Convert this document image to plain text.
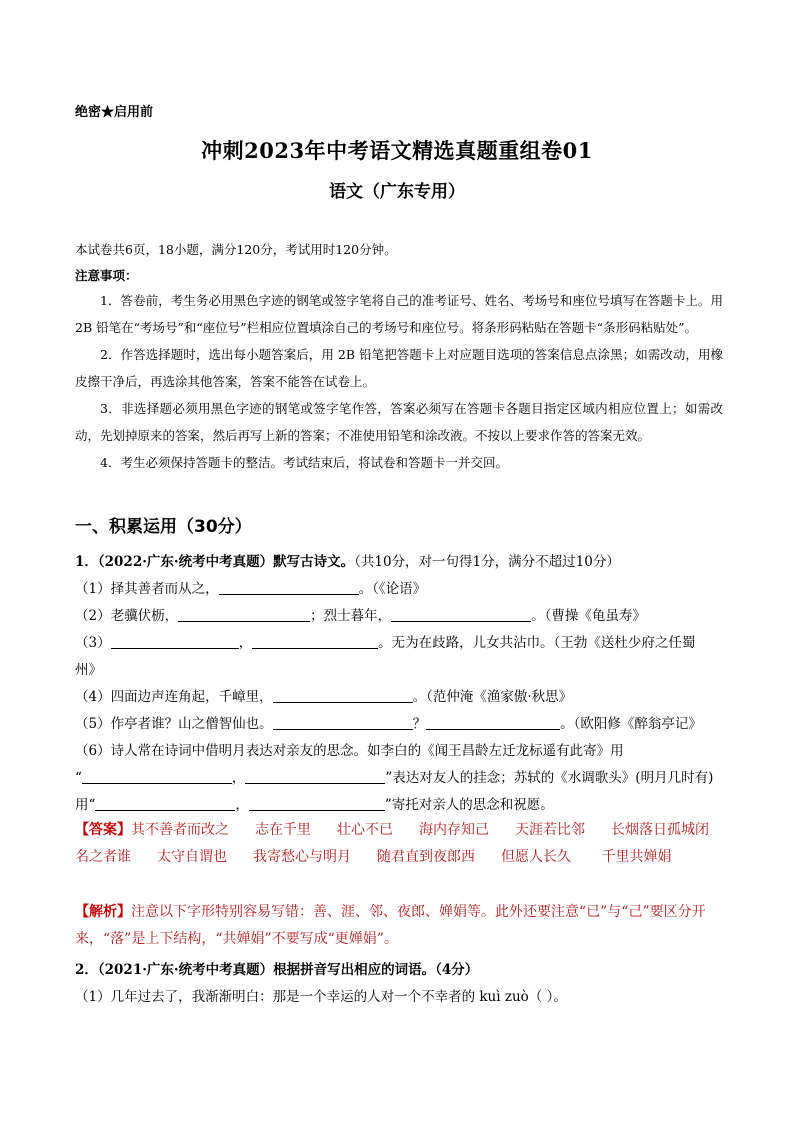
绝密★启用前
冲刺2023年中考语文精选真题重组卷01
语文（广东专用）
本试卷共6页，18小题，满分120分，考试用时120分钟。
注意事项：

1．答卷前，考生务必用黑色字迹的钢笔或签字笔将自己的准考证号、姓名、考场号和座位号填写在答题卡上。用 2B 铅笔在“考场号”和“座位号”栏相应位置填涂自己的考场号和座位号。将条形码粘贴在答题卡“条形码粘贴处”。

2．作答选择题时，选出每小题答案后，用 2B 铅笔把答题卡上对应题目选项的答案信息点涂黑；如需改动，用橡皮擦干净后，再选涂其他答案，答案不能答在试卷上。

3．非选择题必须用黑色字迹的钢笔或签字笔作答，答案必须写在答题卡各题目指定区域内相应位置上；如需改动，先划掉原来的答案，然后再写上新的答案；不准使用铅笔和涂改液。不按以上要求作答的答案无效。

4．考生必须保持答题卡的整洁。考试结束后，将试卷和答题卡一并交回。

一、积累运用（30分）
1．（2022·广东·统考中考真题）默写古诗文。（共10分，对一句得1分，满分不超过10分）
（1）择其善者而从之，	。（《论语》
（2）老骥伏枥，	；烈士暮年，	。（曹操《龟虽寿》
（3）	，	。无为在歧路，儿女共沾巾。（王勃《送杜少府之任蜀
州》
（4）四面边声连角起，千嶂里，	。（范仲淹《渔家傲·秋思》
（5）作亭者谁？山之僧智仙也。	？	。（欧阳修《醉翁亭记》
（6）诗人常在诗词中借明月表达对亲友的思念。如李白的《闻王昌龄左迁龙标遥有此寄》用
“	，	”表达对友人的挂念；苏轼的《水调歌头》(明月几时有)
用“	，	”寄托对亲人的思念和祝愿。
【答案】其不善者而改之 志在千里 壮心不已 海内存知己 天涯若比邻 长烟落日孤城闭 名之者谁 太守自谓也 我寄愁心与明月 随君直到夜郎西 但愿人长久 千里共婵娟
【解析】注意以下字形特别容易写错：善、涯、邻、夜郎、婵娟等。此外还要注意“已”与“己”要区分开来，“落”是上下结构，“共婵娟”不要写成“更婵娟”。
2．（2021·广东·统考中考真题）根据拼音写出相应的词语。（4分）
（1）几年过去了，我渐渐明白：那是一个幸运的人对一个不幸者的 kuì zuò（ ）。
